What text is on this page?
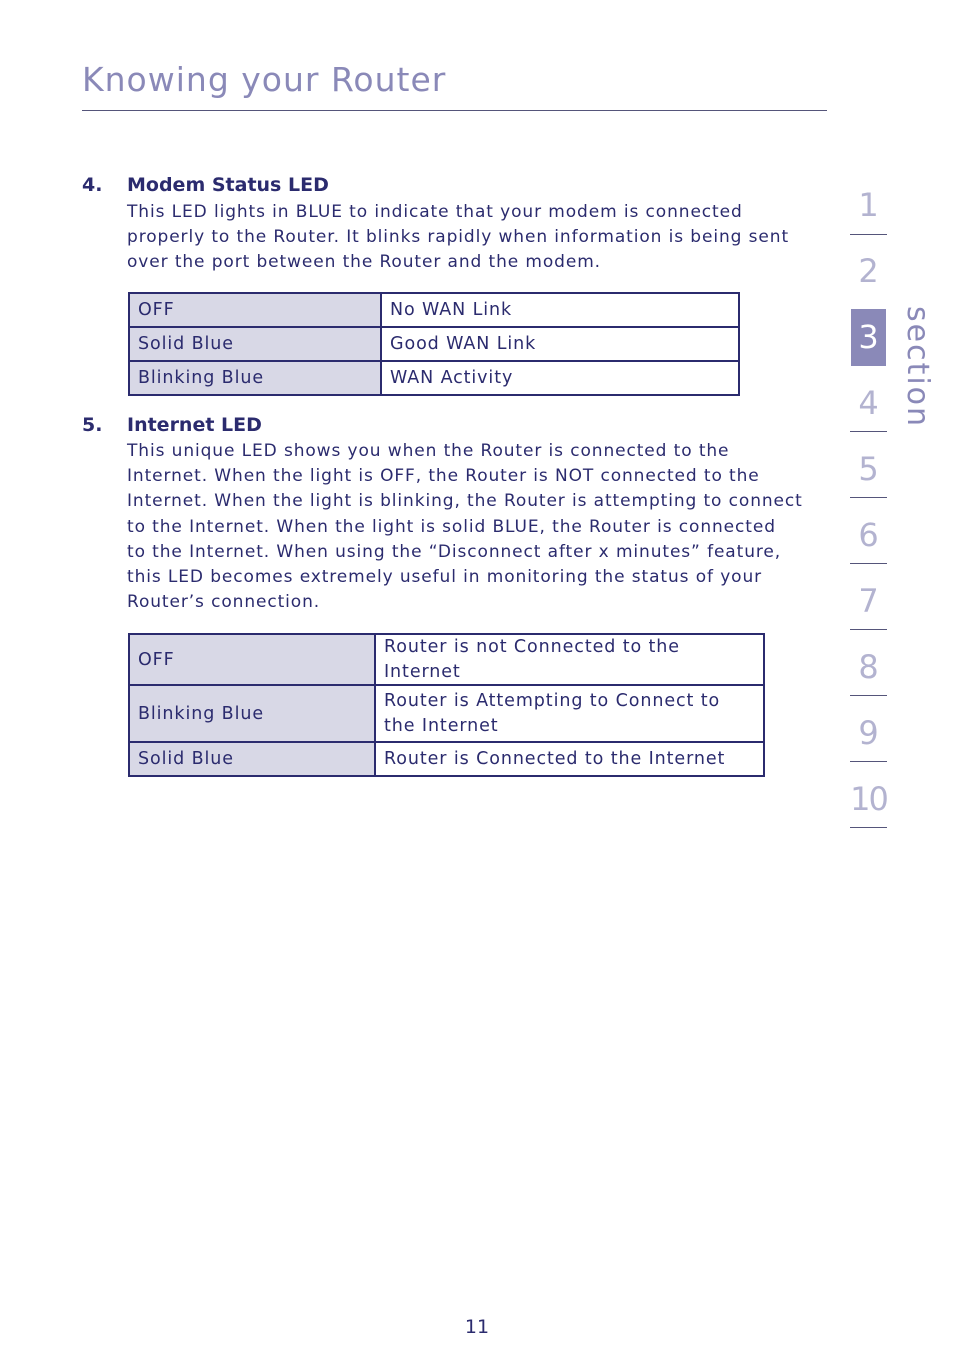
Knowing your Router
4. Modem Status LED
This LED lights in BLUE to indicate that your modem is connected
properly to the Router. It blinks rapidly when information is being sent
over the port between the Router and the modem.
OFF	No WAN Link
Solid Blue	Good WAN Link
Blinking Blue	WAN Activity
5. Internet LED
This unique LED shows you when the Router is connected to the
Internet. When the light is OFF, the Router is NOT connected to the
Internet. When the light is blinking, the Router is attempting to connect
to the Internet. When the light is solid BLUE, the Router is connected
to the Internet. When using the “Disconnect after x minutes” feature,
this LED becomes extremely useful in monitoring the status of your
Router’s connection.
OFF	Router is not Connected to the Internet
Blinking Blue	Router is Attempting to Connect to
the Internet
Solid Blue	Router is Connected to the Internet
1
2
3
4
5
6
7
8
9
10
section
11
